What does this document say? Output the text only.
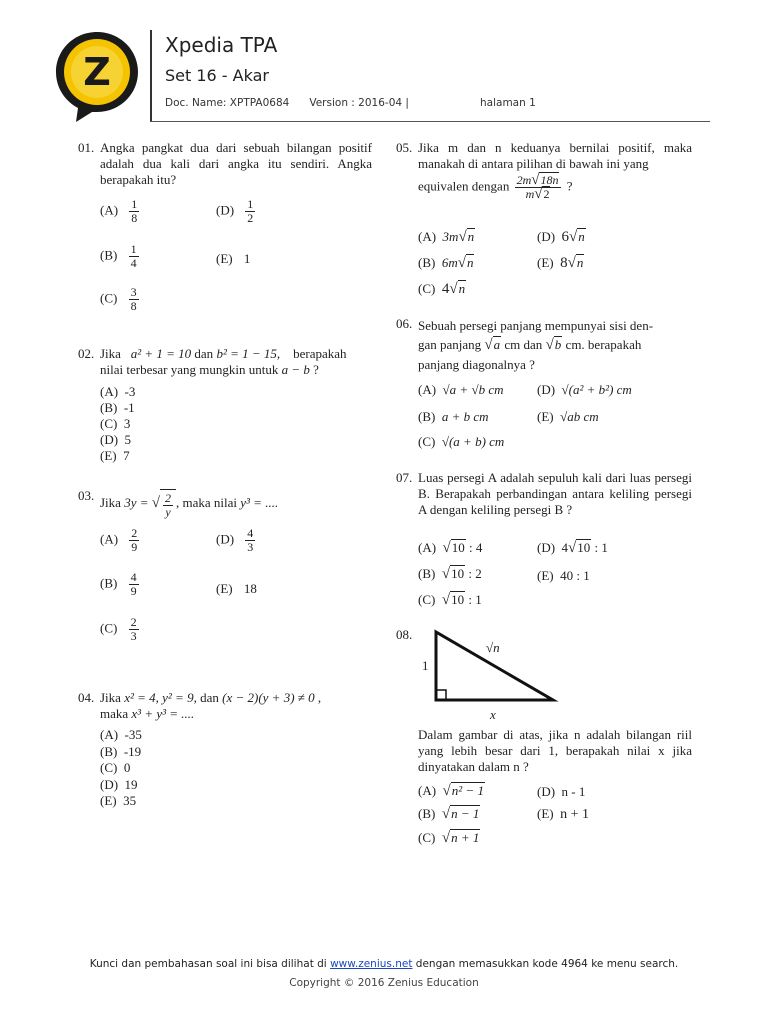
Z
Xpedia TPA
Set 16 - Akar
Doc. Name: XPTPA0684 Version : 2016-04 |	halaman 1
01. Angka pangkat dua dari sebuah bilangan positif adalah dua kali dari angka itu sendiri. Angka berapakah itu?
$(A) \frac{1}{8}$
$(B) \frac{1}{4}$
$(C) \frac{3}{8}$
$(D) \frac{1}{2}$
(E) 1
02. Jika a² + 1 = 10 dan b² = 1 − 15, berapakah
nilai terbesar yang mungkin untuk a − b ?
(A) -3
(B) -1
(C) 3
(D) 5
(E) 7
03. Jika 3y = √ $\frac{2}{y}$ , maka nilai y³ = ....
$(A) \frac{2}{9}$
$(B) \frac{4}{9}$
$(C) \frac{2}{3}$
$(D) \frac{4}{3}$
(E) 18
04. Jika x² = 4, y² = 9, dan (x − 2)(y + 3) ≠ 0 ,
maka x³ + y³ = ....
(A) -35
(B) -19
(C) 0
(D) 19
(E) 35
05. Jika m dan n keduanya bernilai positif, maka manakah di antara pilihan di bawah ini yang
equivalen dengan $\frac{2m√18n}{m√2}$ ?
(A) 3m√n
(B) 6m√n
(C) 4√n
(D) 6√n
(E) 8√n
06. Sebuah persegi panjang mempunyai sisi den-
gan panjang √a cm dan √b cm. berapakah
panjang diagonalnya ?
(A) √a + √b cm
(B) a + b cm
(C) √(a + b) cm
(D) √(a² + b²) cm
(E) √ab cm
07. Luas persegi A adalah sepuluh kali dari luas persegi B. Berapakah perbandingan antara keliling persegi A dengan keliling persegi B ?
(A) √10 : 4
(B) √10 : 2
(C) √10 : 1
(D) 4√10 : 1
(E) 40 : 1
08.
1
√n
x
Dalam gambar di atas, jika n adalah bilangan riil yang lebih besar dari 1, berapakah nilai x jika dinyatakan dalam n ?
(A) √n² − 1
(B) √n − 1
(C) √n + 1
(D) n - 1
(E) n + 1
Kunci dan pembahasan soal ini bisa dilihat di www.zenius.net dengan memasukkan kode 4964 ke menu search.
Copyright © 2016 Zenius Education
